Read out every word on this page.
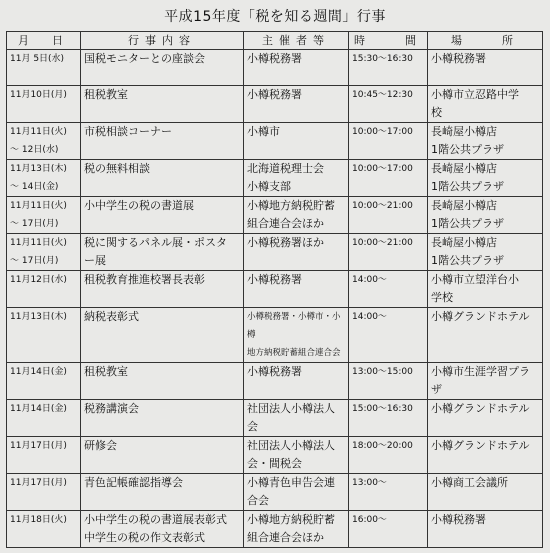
平成15年度「税を知る週間」行事
月　日	行事内容	主催者等	時　　間	場　　所

11月 5日(水)	国税モニターとの座談会	小樽税務署	15:30〜16:30	小樽税務署

11月10日(月)	租税教室	小樽税務署	10:45〜12:30	小樽市立忍路中学
校

11月11日(火)
〜 12日(水)	市税相談コーナー	小樽市	10:00〜17:00	長崎屋小樽店
1階公共プラザ

11月13日(木)
〜 14日(金)	税の無料相談	北海道税理士会
小樽支部	10:00〜17:00	長崎屋小樽店
1階公共プラザ

11月11日(火)
〜 17日(月)	小中学生の税の書道展	小樽地方納税貯蓄
組合連合会ほか	10:00〜21:00	長崎屋小樽店
1階公共プラザ

11月11日(火)
〜 17日(月)	税に関するパネル展・ポスタ
ー展	小樽税務署ほか	10:00〜21:00	長崎屋小樽店
1階公共プラザ

11月12日(水)	租税教育推進校署長表彰	小樽税務署	14:00〜	小樽市立望洋台小
学校

11月13日(木)	納税表彰式	小樽税務署・小樽市・小樽
地方納税貯蓄組合連合会	14:00〜	小樽グランドホテル

11月14日(金)	租税教室	小樽税務署	13:00〜15:00	小樽市生涯学習プラ
ザ

11月14日(金)	税務講演会	社団法人小樽法人
会	15:00〜16:30	小樽グランドホテル

11月17日(月)	研修会	社団法人小樽法人
会・間税会	18:00〜20:00	小樽グランドホテル

11月17日(月)	青色記帳確認指導会	小樽青色申告会連
合会	13:00〜	小樽商工会議所

11月18日(火)	小中学生の税の書道展表彰式
中学生の税の作文表彰式	小樽地方納税貯蓄
組合連合会ほか	16:00〜	小樽税務署
